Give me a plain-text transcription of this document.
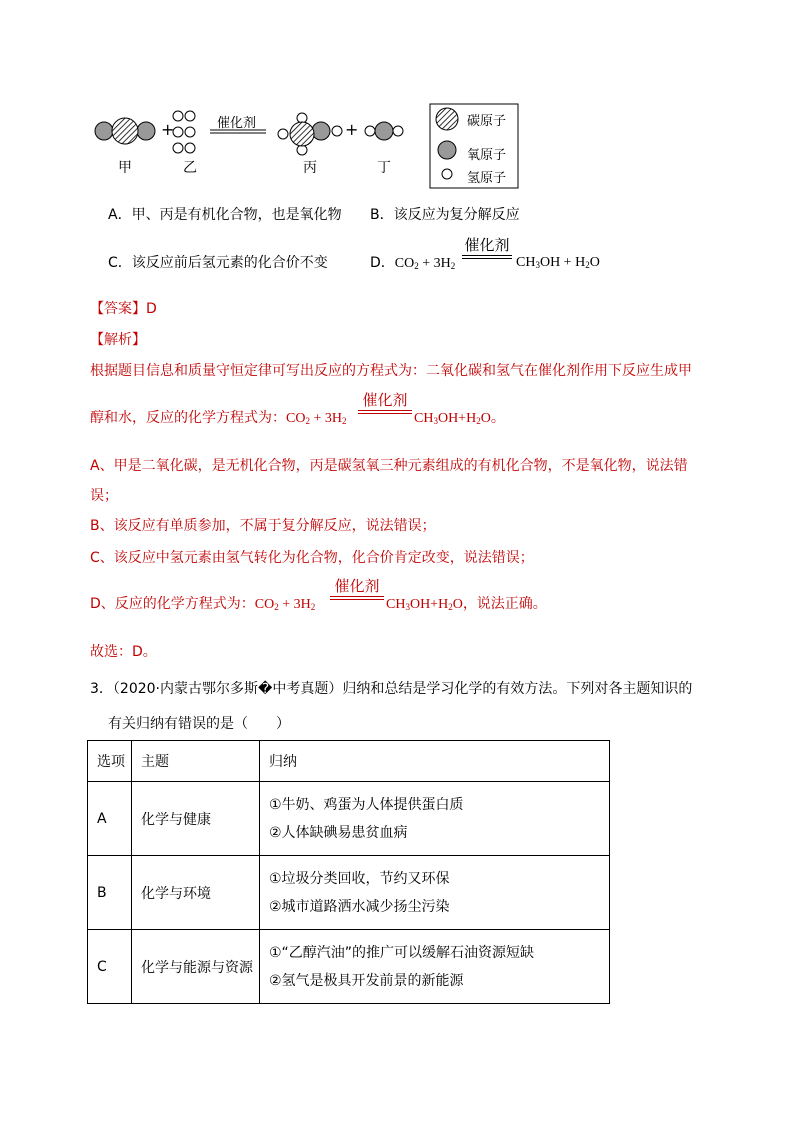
+	+
催化剂
甲	乙	丙	丁
碳原子
氧原子
氢原子
A．甲、丙是有机化合物，也是氧化物 B．该反应为复分解反应
C．该反应前后氢元素的化合价不变	D．$CO_2 + 3H_2$
催化剂
$CH_3OH + H_2O$
【答案】D
【解析】
根据题目信息和质量守恒定律可写出反应的方程式为：二氧化碳和氢气在催化剂作用下反应生成甲
醇和水，反应的化学方程式为：$CO_2 + 3H_2$
催化剂
$CH_3OH+H_2O$。
A、甲是二氧化碳，是无机化合物，丙是碳氢氧三种元素组成的有机化合物，不是氧化物，说法错
误；
B、该反应有单质参加，不属于复分解反应，说法错误；
C、该反应中氢元素由氢气转化为化合物，化合价肯定改变，说法错误；
D、反应的化学方程式为：$CO_2 + 3H_2$
催化剂
$CH_3OH+H_2O$，说法正确。
故选：D。
3．（2020·内蒙古鄂尔多斯�中考真题）归纳和总结是学习化学的有效方法。下列对各主题知识的
有关归纳有错误的是（　　）
选项	主题	归纳
A	化学与健康	①牛奶、鸡蛋为人体提供蛋白质
②人体缺碘易患贫血病

B	化学与环境	①垃圾分类回收，节约又环保
②城市道路洒水减少扬尘污染

C	化学与能源与资源	①“乙醇汽油”的推广可以缓解石油资源短缺
②氢气是极具开发前景的新能源
